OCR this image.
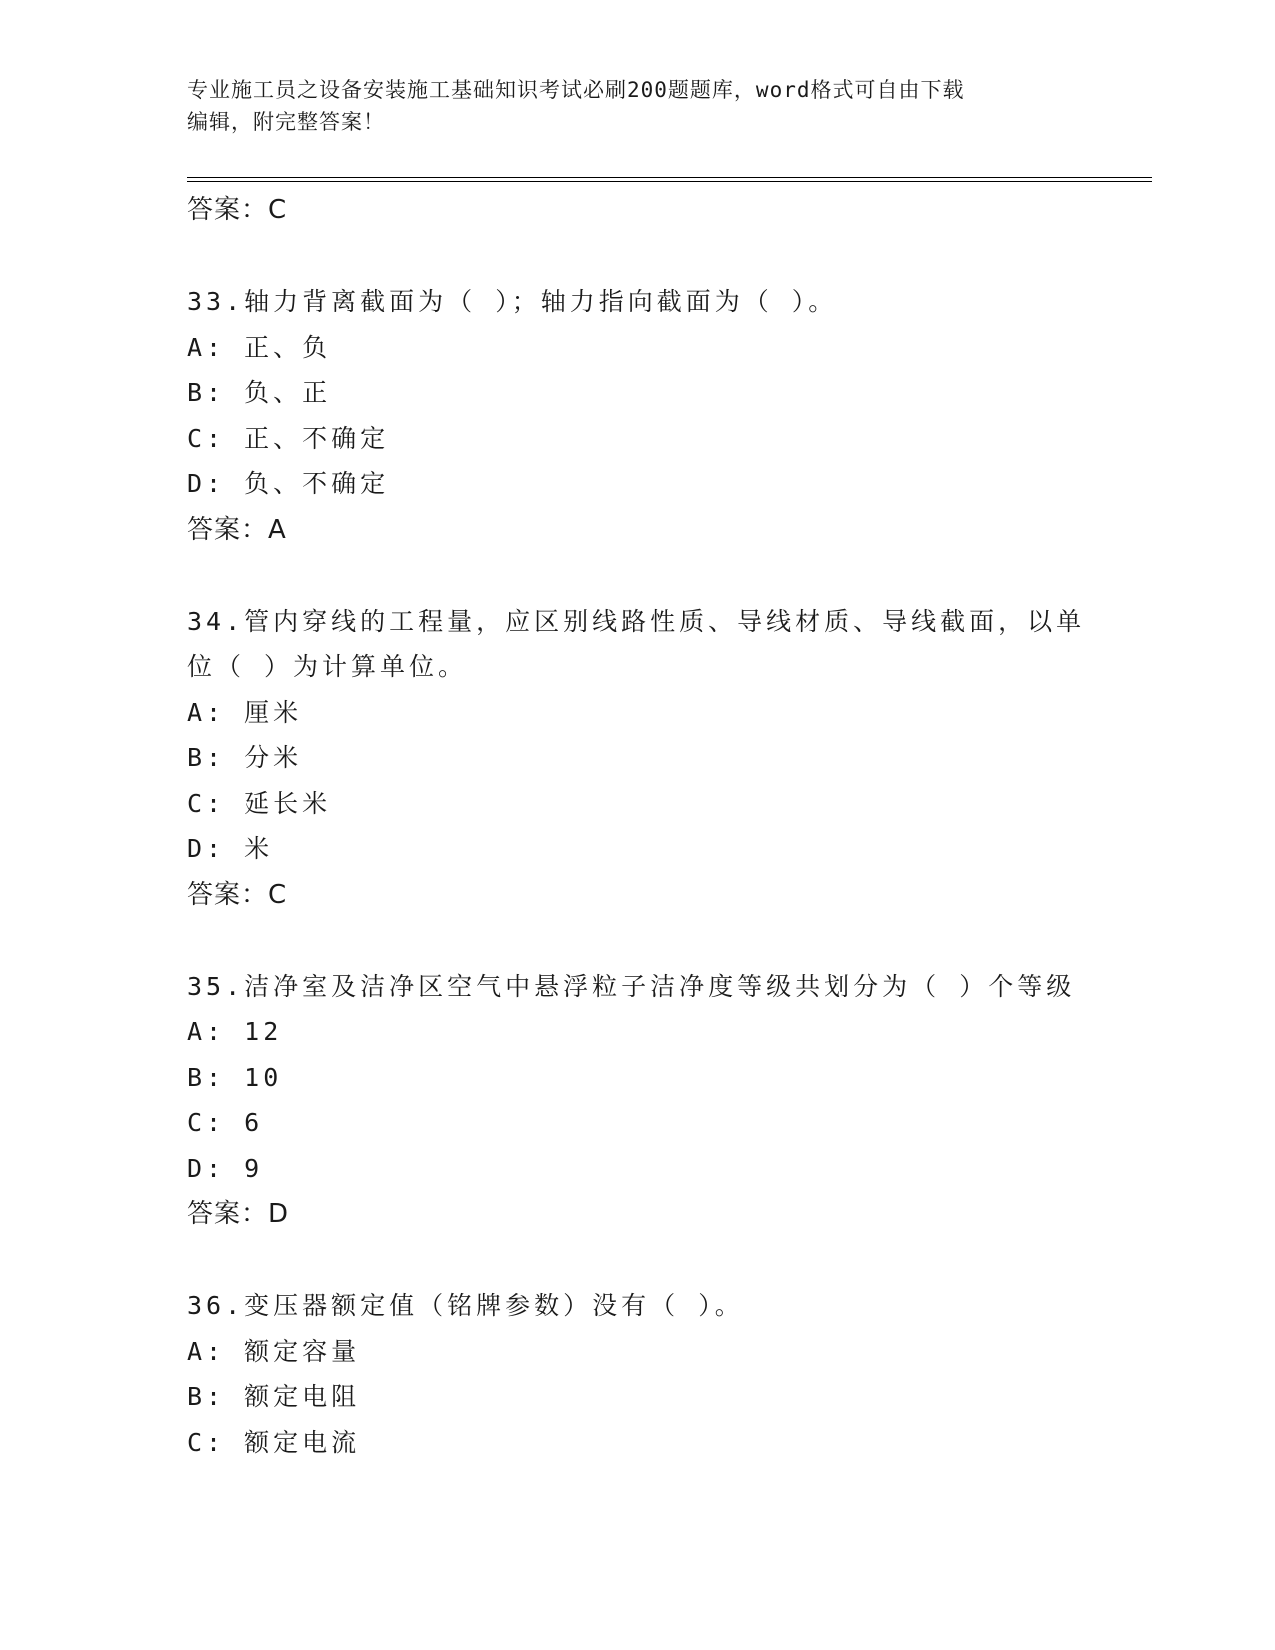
专业施工员之设备安装施工基础知识考试必刷200题题库，word格式可自由下载
编辑，附完整答案！
答案：C
33.轴力背离截面为（ ）；轴力指向截面为（ ）。
A: 正、负
B: 负、正
C: 正、不确定
D: 负、不确定
答案：A
34.管内穿线的工程量，应区别线路性质、导线材质、导线截面，以单
位（ ）为计算单位。
A: 厘米
B: 分米
C: 延长米
D: 米
答案：C
35.洁净室及洁净区空气中悬浮粒子洁净度等级共划分为（ ）个等级
A: 12
B: 10
C: 6
D: 9
答案：D
36.变压器额定值（铭牌参数）没有（ ）。
A: 额定容量
B: 额定电阻
C: 额定电流
